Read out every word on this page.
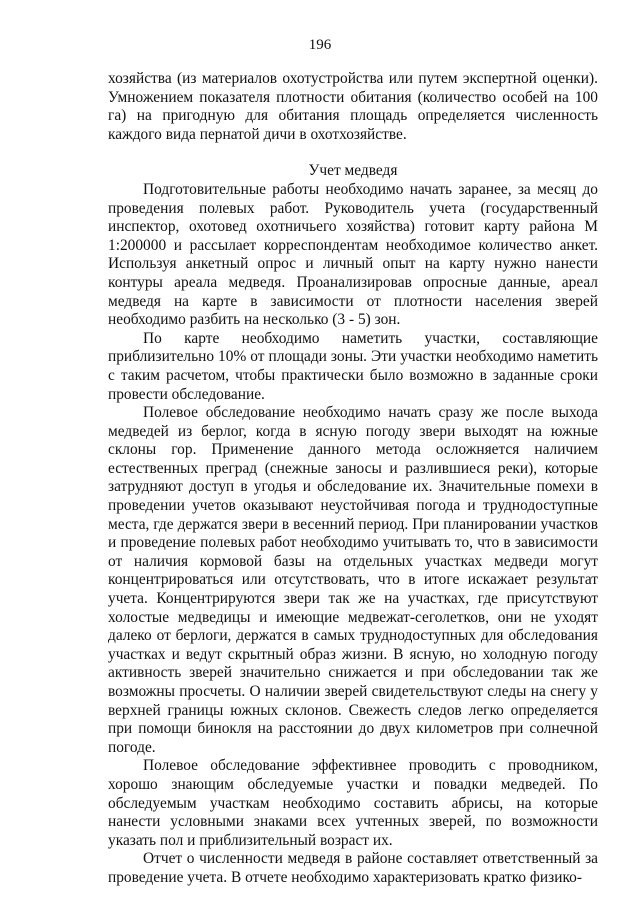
196

хозяйства (из материалов охотустройства или путем экспертной оценки). Умножением показателя плотности обитания (количество особей на 100 га) на пригодную для обитания площадь определяется численность каждого вида пернатой дичи в охотхозяйстве.

Учет медведя

Подготовительные работы необходимо начать заранее, за месяц до проведения полевых работ. Руководитель учета (государственный инспектор, охотовед охотничьего хозяйства) готовит карту района М 1:200000 и рассылает корреспондентам необходимое количество анкет. Используя анкетный опрос и личный опыт на карту нужно нанести контуры ареала медведя. Проанализировав опросные данные, ареал медведя на карте в зависимости от плотности населения зверей необходимо разбить на несколько (3 - 5) зон.

По карте необходимо наметить участки, составляющие приблизительно 10% от площади зоны. Эти участки необходимо наметить с таким расчетом, чтобы практически было возможно в заданные сроки провести обследование.

Полевое обследование необходимо начать сразу же после выхода медведей из берлог, когда в ясную погоду звери выходят на южные склоны гор. Применение данного метода осложняется наличием естественных преград (снежные заносы и разлившиеся реки), которые затрудняют доступ в угодья и обследование их. Значительные помехи в проведении учетов оказывают неустойчивая погода и труднодоступные места, где держатся звери в весенний период. При планировании участков и проведение полевых работ необходимо учитывать то, что в зависимости от наличия кормовой базы на отдельных участках медведи могут концентрироваться или отсутствовать, что в итоге искажает результат учета. Концентрируются звери так же на участках, где присутствуют холостые медведицы и имеющие медвежат-сеголетков, они не уходят далеко от берлоги, держатся в самых труднодоступных для обследования участках и ведут скрытный образ жизни. В ясную, но холодную погоду активность зверей значительно снижается и при обследовании так же возможны просчеты. О наличии зверей свидетельствуют следы на снегу у верхней границы южных склонов. Свежесть следов легко определяется при помощи бинокля на расстоянии до двух километров при солнечной погоде.

Полевое обследование эффективнее проводить с проводником, хорошо знающим обследуемые участки и повадки медведей. По обследуемым участкам необходимо составить абрисы, на которые нанести условными знаками всех учтенных зверей, по возможности указать пол и приблизительный возраст их.

Отчет о численности медведя в районе составляет ответственный за проведение учета. В отчете необходимо характеризовать кратко физико-
